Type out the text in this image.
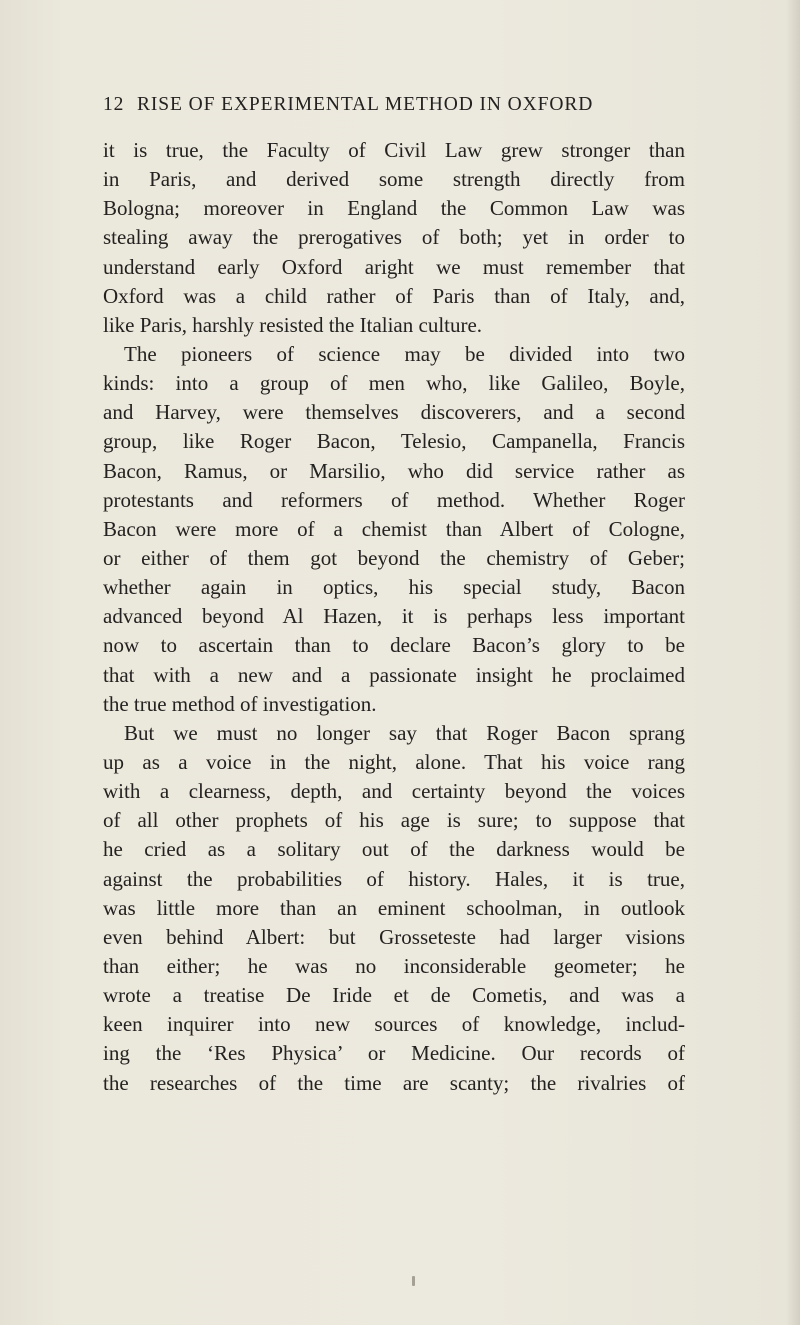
12 RISE OF EXPERIMENTAL METHOD IN OXFORD
it is true, the Faculty of Civil Law grew stronger than
in Paris, and derived some strength directly from
Bologna; moreover in England the Common Law was
stealing away the prerogatives of both; yet in order to
understand early Oxford aright we must remember that
Oxford was a child rather of Paris than of Italy, and,
like Paris, harshly resisted the Italian culture.
The pioneers of science may be divided into two
kinds: into a group of men who, like Galileo, Boyle,
and Harvey, were themselves discoverers, and a second
group, like Roger Bacon, Telesio, Campanella, Francis
Bacon, Ramus, or Marsilio, who did service rather as
protestants and reformers of method. Whether Roger
Bacon were more of a chemist than Albert of Cologne,
or either of them got beyond the chemistry of Geber;
whether again in optics, his special study, Bacon
advanced beyond Al Hazen, it is perhaps less important
now to ascertain than to declare Bacon’s glory to be
that with a new and a passionate insight he proclaimed
the true method of investigation.
But we must no longer say that Roger Bacon sprang
up as a voice in the night, alone. That his voice rang
with a clearness, depth, and certainty beyond the voices
of all other prophets of his age is sure; to suppose that
he cried as a solitary out of the darkness would be
against the probabilities of history. Hales, it is true,
was little more than an eminent schoolman, in outlook
even behind Albert: but Grosseteste had larger visions
than either; he was no inconsiderable geometer; he
wrote a treatise De Iride et de Cometis, and was a
keen inquirer into new sources of knowledge, includ-
ing the ‘Res Physica’ or Medicine. Our records of
the researches of the time are scanty; the rivalries of
